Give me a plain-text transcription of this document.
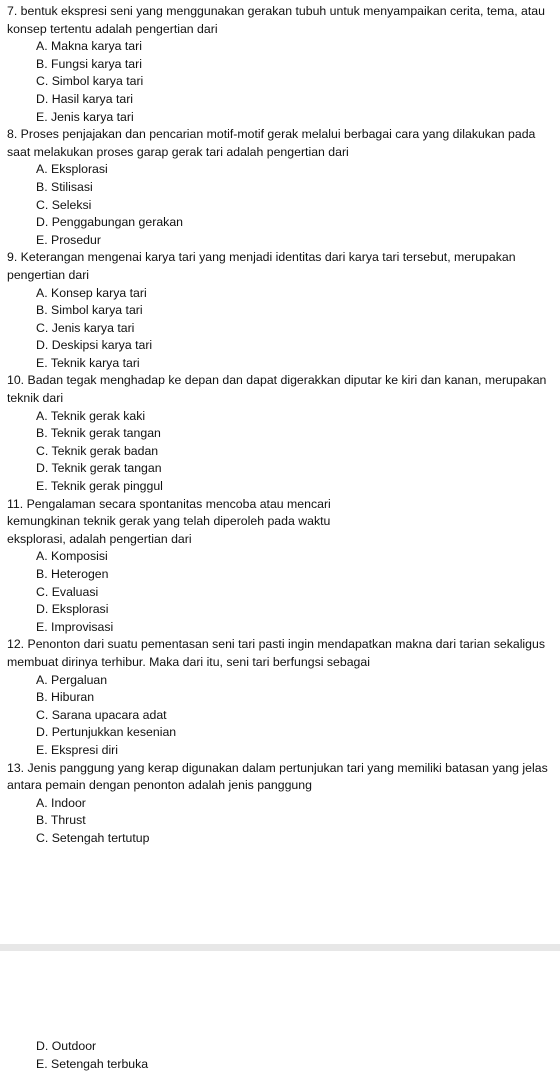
7. bentuk ekspresi seni yang menggunakan gerakan tubuh untuk menyampaikan cerita, tema, atau konsep tertentu adalah pengertian dari

A. Makna karya tari
B. Fungsi karya tari
C. Simbol karya tari
D. Hasil karya tari
E. Jenis karya tari

8. Proses penjajakan dan pencarian motif-motif gerak melalui berbagai cara yang dilakukan pada saat melakukan proses garap gerak tari adalah pengertian dari

A. Eksplorasi
B. Stilisasi
C. Seleksi
D. Penggabungan gerakan
E. Prosedur

9. Keterangan mengenai karya tari yang menjadi identitas dari karya tari tersebut, merupakan pengertian dari

A. Konsep karya tari
B. Simbol karya tari
C. Jenis karya tari
D. Deskipsi karya tari
E. Teknik karya tari

10. Badan tegak menghadap ke depan dan dapat digerakkan diputar ke kiri dan kanan, merupakan teknik dari

A. Teknik gerak kaki
B. Teknik gerak tangan
C. Teknik gerak badan
D. Teknik gerak tangan
E. Teknik gerak pinggul

11. Pengalaman secara spontanitas mencoba atau mencari kemungkinan teknik gerak yang telah diperoleh pada waktu eksplorasi, adalah pengertian dari

A. Komposisi
B. Heterogen
C. Evaluasi
D. Eksplorasi
E. Improvisasi

12. Penonton dari suatu pementasan seni tari pasti ingin mendapatkan makna dari tarian sekaligus membuat dirinya terhibur. Maka dari itu, seni tari berfungsi sebagai

A. Pergaluan
B. Hiburan
C. Sarana upacara adat
D. Pertunjukkan kesenian
E. Ekspresi diri

13. Jenis panggung yang kerap digunakan dalam pertunjukan tari yang memiliki batasan yang jelas antara pemain dengan penonton adalah jenis panggung

A. Indoor
B. Thrust
C. Setengah tertutup
D. Outdoor
E. Setengah terbuka
